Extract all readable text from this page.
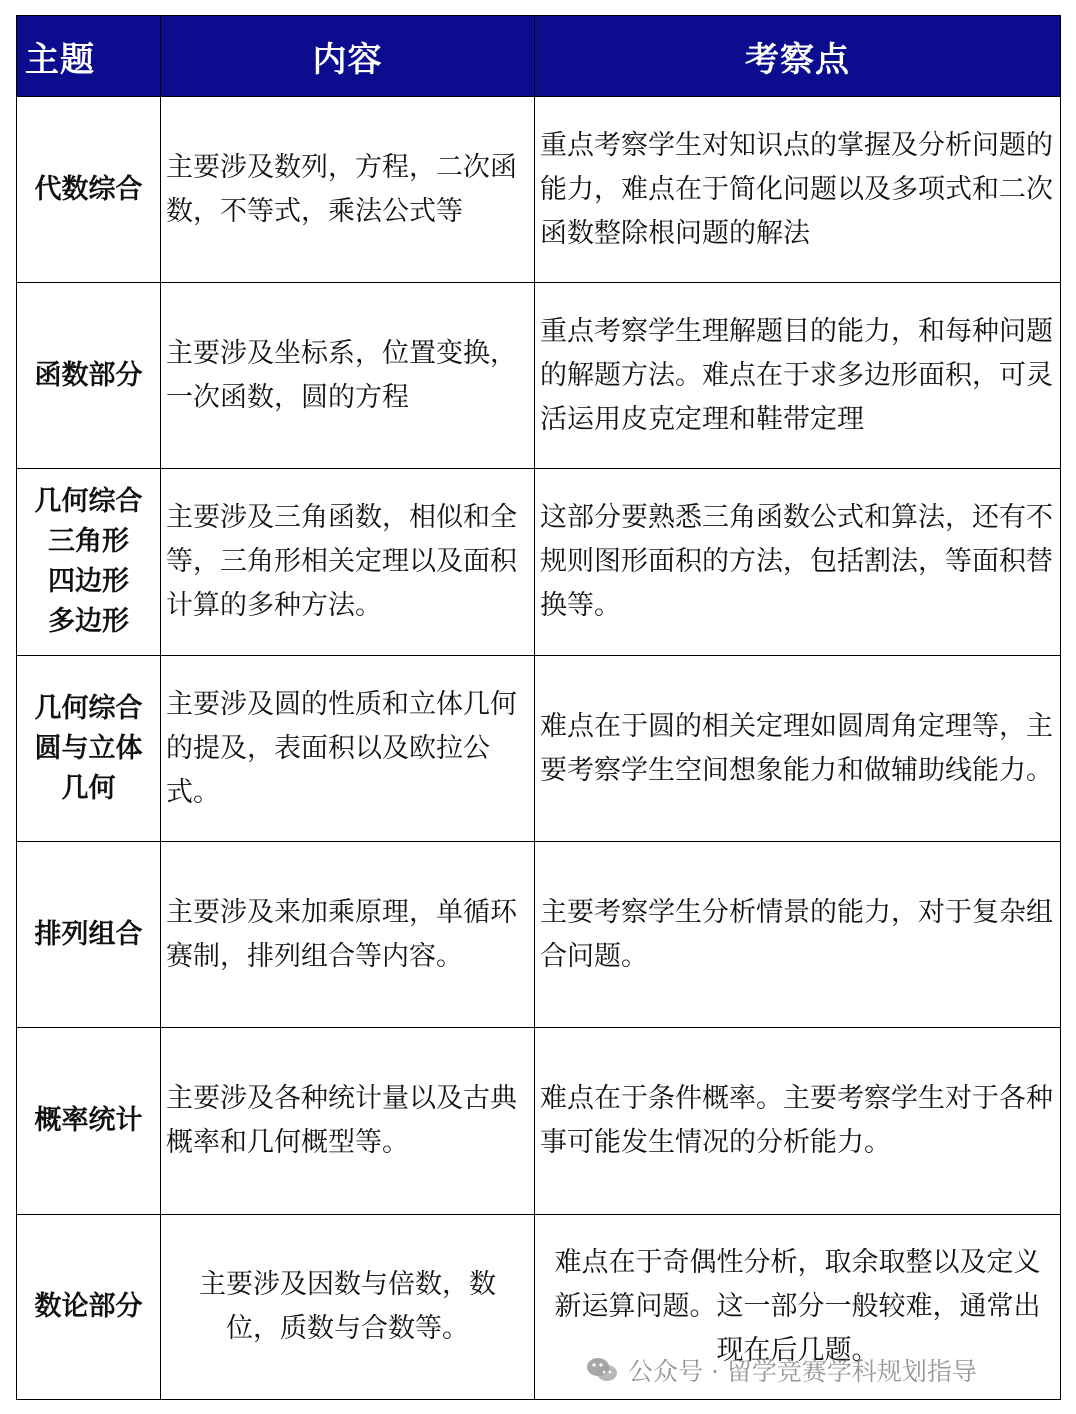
主题	内容	考察点

代数综合	主要涉及数列，方程，二次函数，不等式，乘法公式等	重点考察学生对知识点的掌握及分析问题的能力，难点在于简化问题以及多项式和二次函数整除根问题的解法

函数部分	主要涉及坐标系，位置变换， 一次函数，圆的方程	重点考察学生理解题目的能力，和每种问题的解题方法。难点在于求多边形面积，可灵活运用皮克定理和鞋带定理

几何综合
三角形
四边形
多边形	主要涉及三角函数，相似和全等，三角形相关定理以及面积计算的多种方法。	这部分要熟悉三角函数公式和算法，还有不规则图形面积的方法，包括割法，等面积替换等。

几何综合
圆与立体
几何	主要涉及圆的性质和立体几何的提及，表面积以及欧拉公式。	难点在于圆的相关定理如圆周角定理等，主要考察学生空间想象能力和做辅助线能力。

排列组合	主要涉及来加乘原理，单循环赛制，排列组合等内容。	主要考察学生分析情景的能力，对于复杂组合问题。

概率统计	主要涉及各种统计量以及古典概率和几何概型等。	难点在于条件概率。主要考察学生对于各种事可能发生情况的分析能力。

数论部分	主要涉及因数与倍数，数位，质数与合数等。	难点在于奇偶性分析，取余取整以及定义新运算问题。这一部分一般较难，通常出现在后几题。
公众号 · 留学竞赛学科规划指导
